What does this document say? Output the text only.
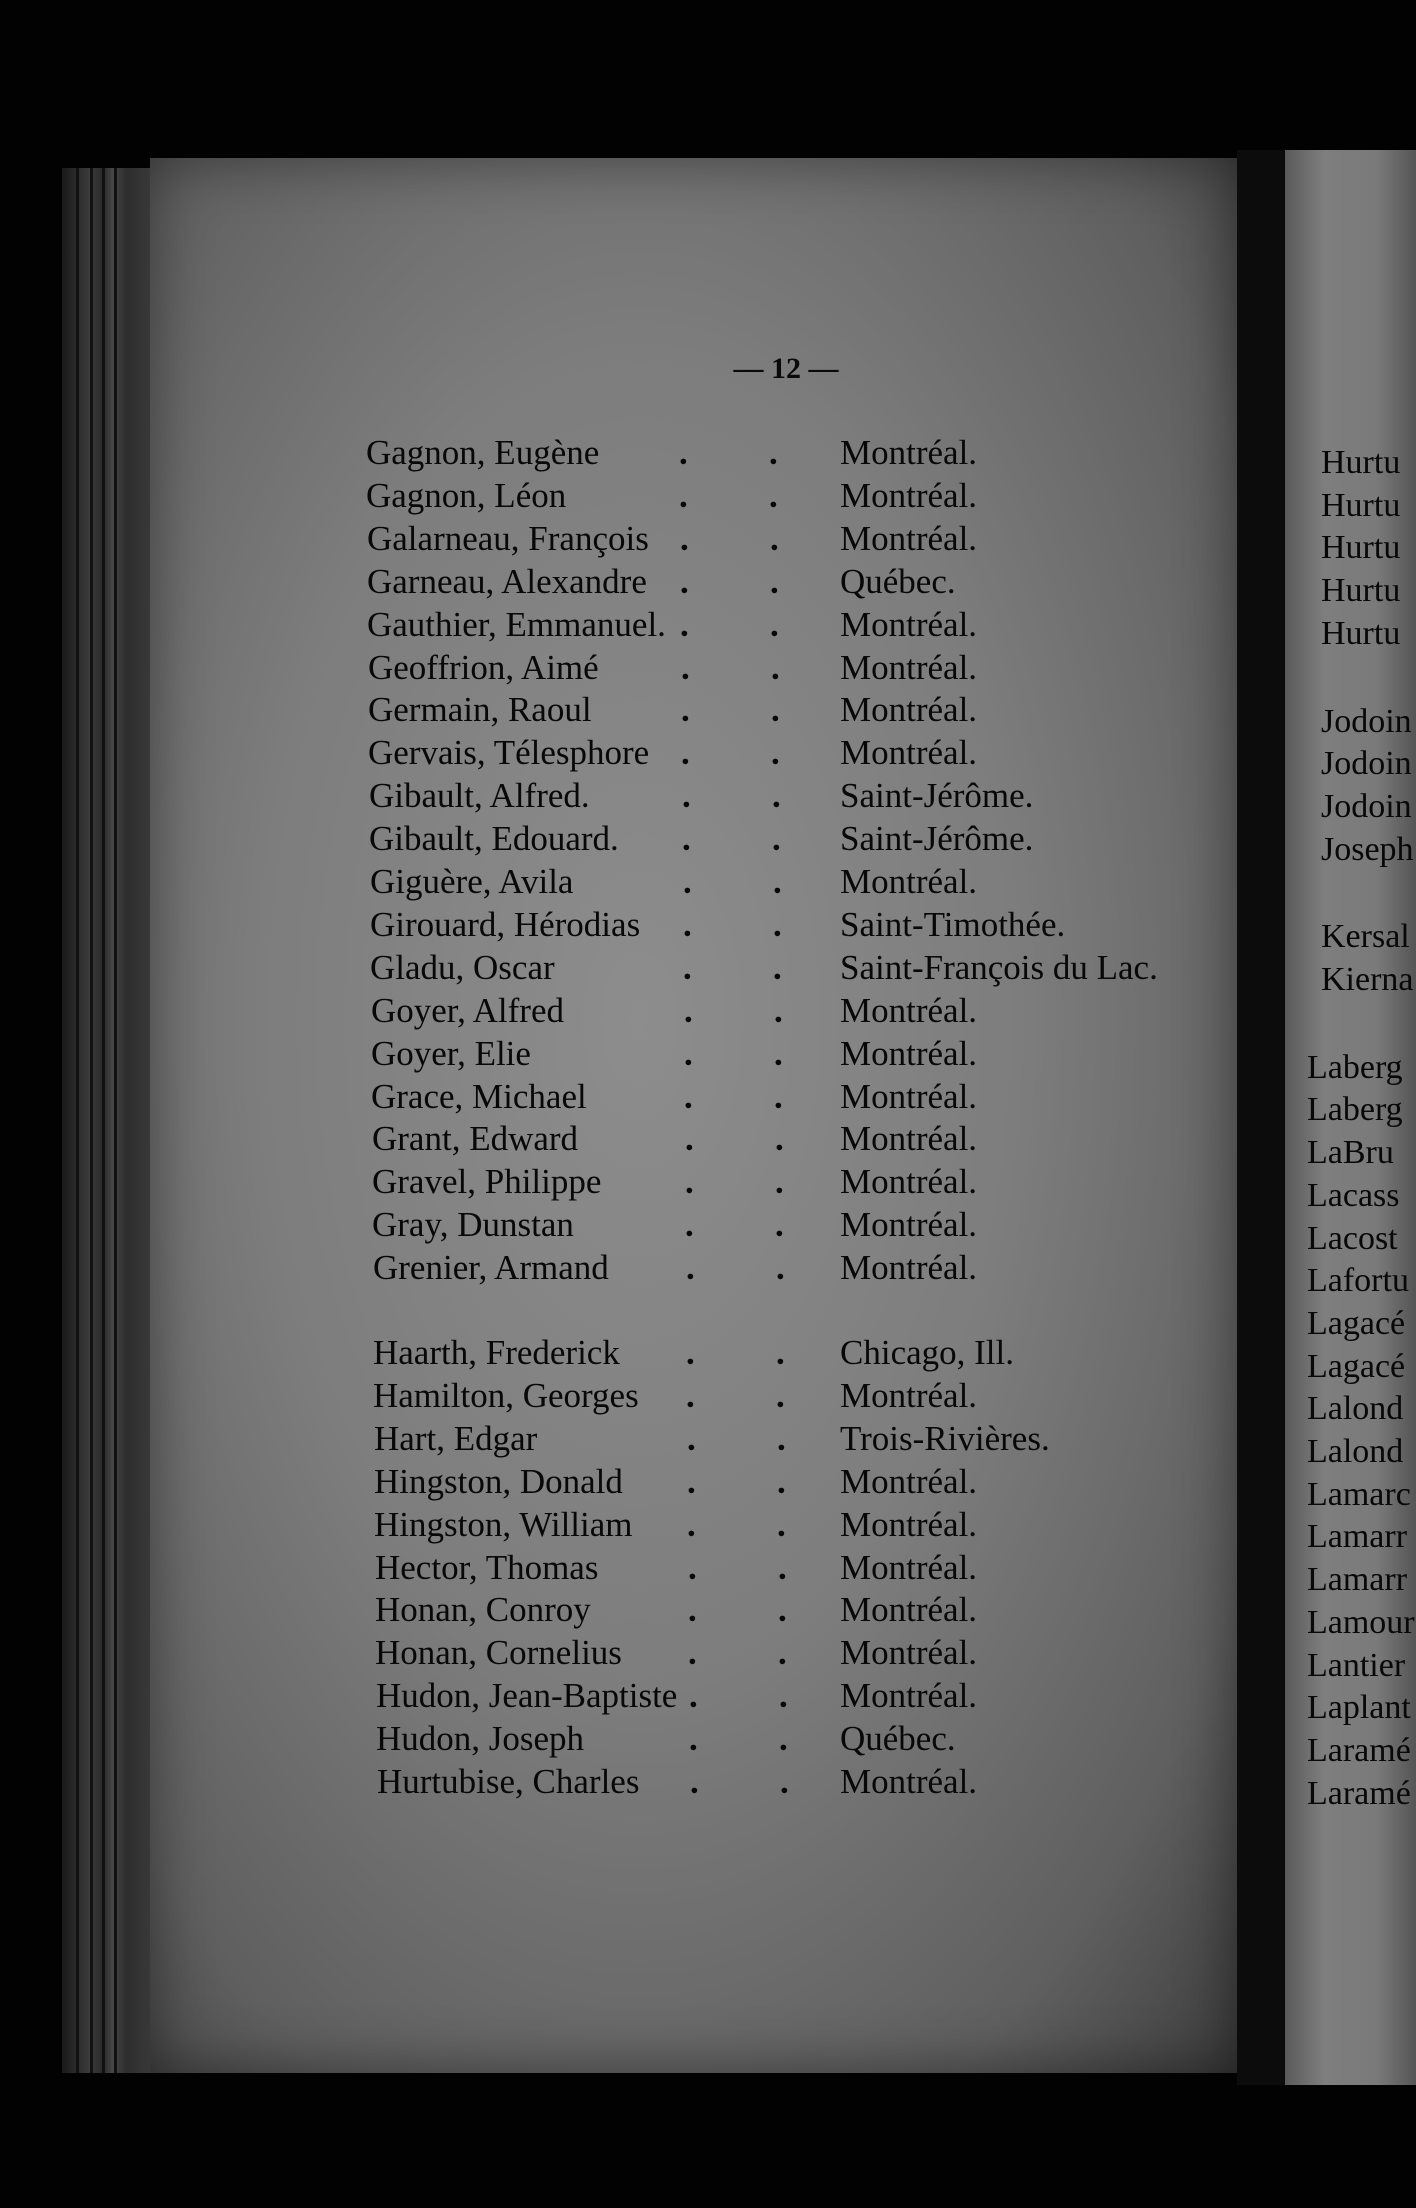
— 12 —
Gagnon, Eugène . . Montréal.
Gagnon, Léon	. . Montréal.
Galarneau, François . . Montréal.
Garneau, Alexandre . . Québec.
Gauthier, Emmanuel. . . Montréal.
Geoffrion, Aimé . . Montréal.
Germain, Raoul	. . Montréal.
Gervais, Télesphore . . Montréal.
Gibault, Alfred.	. . Saint-Jérôme.
Gibault, Edouard. . . Saint-Jérôme.
Giguère, Avila	. . Montréal.
Girouard, Hérodias . . Saint-Timothée.
Gladu, Oscar	. . Saint-François du Lac.
Goyer, Alfred	. . Montréal.
Goyer, Elie	. . Montréal.
Grace, Michael	. . Montréal.
Grant, Edward	. . Montréal.
Gravel, Philippe . . Montréal.
Gray, Dunstan	. . Montréal.
Grenier, Armand . . Montréal.
Haarth, Frederick . . Chicago, Ill.
Hamilton, Georges . . Montréal.
Hart, Edgar	. . Trois-Rivières.
Hingston, Donald . . Montréal.
Hingston, William . . Montréal.
Hector, Thomas	. . Montréal.
Honan, Conroy	. . Montréal.
Honan, Cornelius . . Montréal.
Hudon, Jean-Baptiste . . Montréal.
Hudon, Joseph	. . Québec.
Hurtubise, Charles . . Montréal.
Hurtu
Hurtu
Hurtu
Hurtu
Hurtu
Jodoin
Jodoin
Jodoin
Joseph
Kersal
Kierna
Laberg
Laberg
LaBru
Lacass
Lacost
Lafortu
Lagacé
Lagacé
Lalond
Lalond
Lamarc
Lamarr
Lamarr
Lamour
Lantier
Laplant
Laramé
Laramé
